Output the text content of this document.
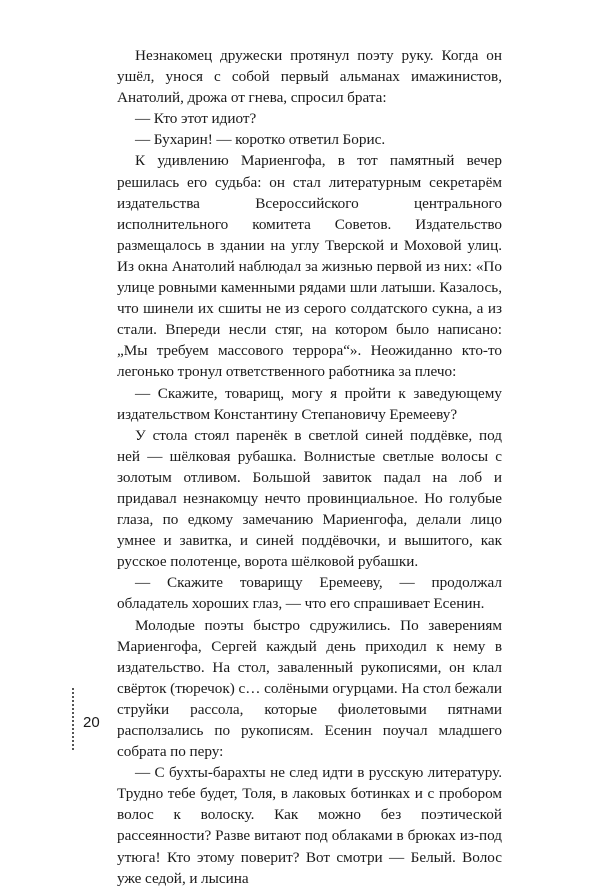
Незнакомец дружески протянул поэту руку. Когда он ушёл, унося с собой первый альманах имажинистов, Анатолий, дрожа от гнева, спросил брата:

— Кто этот идиот?

— Бухарин! — коротко ответил Борис.

К удивлению Мариенгофа, в тот памятный вечер решилась его судьба: он стал литературным секретарём издательства Всероссийского центрального исполнительного комитета Советов. Издательство размещалось в здании на углу Тверской и Моховой улиц. Из окна Анатолий наблюдал за жизнью первой из них: «По улице ровными каменными рядами шли латыши. Казалось, что шинели их сшиты не из серого солдатского сукна, а из стали. Впереди несли стяг, на котором было написано: „Мы требуем массового террора“». Неожиданно кто-то легонько тронул ответственного работника за плечо:

— Скажите, товарищ, могу я пройти к заведующему издательством Константину Степановичу Еремееву?

У стола стоял паренёк в светлой синей поддёвке, под ней — шёлковая рубашка. Волнистые светлые волосы с золотым отливом. Большой завиток падал на лоб и придавал незнакомцу нечто провинциальное. Но голубые глаза, по едкому замечанию Мариенгофа, делали лицо умнее и завитка, и синей поддёвочки, и вышитого, как русское полотенце, ворота шёлковой рубашки.

— Скажите товарищу Еремееву, — продолжал обладатель хороших глаз, — что его спрашивает Есенин.

Молодые поэты быстро сдружились. По заверениям Мариенгофа, Сергей каждый день приходил к нему в издательство. На стол, заваленный рукописями, он клал свёрток (тюречок) с… солёными огурцами. На стол бежали струйки рассола, которые фиолетовыми пятнами расползались по рукописям. Есенин поучал младшего собрата по перу:

— С бухты-барахты не след идти в русскую литературу. Трудно тебе будет, Толя, в лаковых ботинках и с пробором волос к волоску. Как можно без поэтической рассеянности? Разве витают под облаками в брюках из-под утюга! Кто этому поверит? Вот смотри — Белый. Волос уже седой, и лысина

20
